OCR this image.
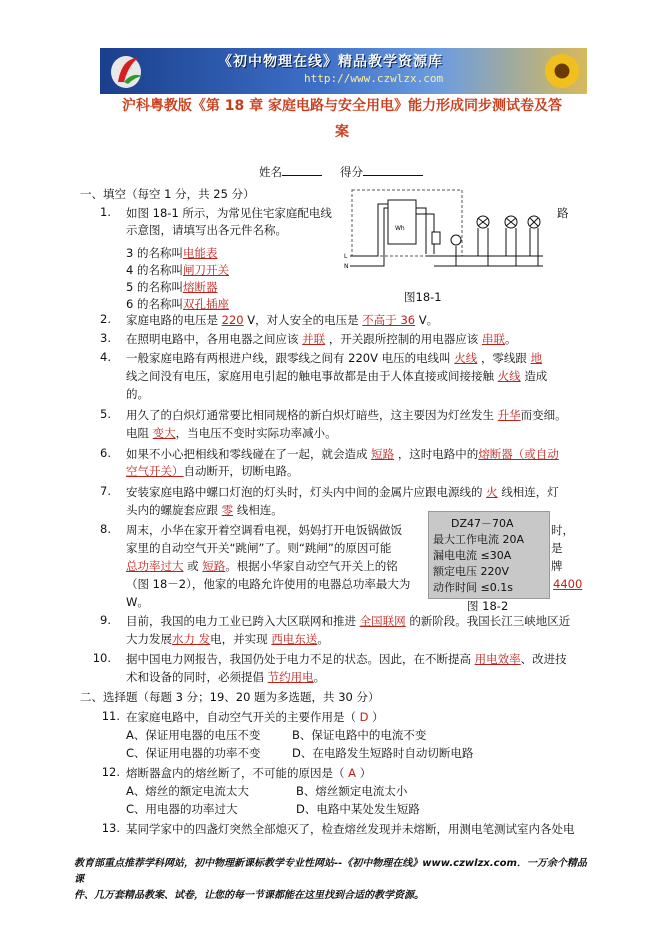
《初中物理在线》精品教学资源库
http://www.czwlzx.com
沪科粤教版《第 18 章 家庭电路与安全用电》能力形成同步测试卷及答
案
姓名	得分
一、填空（每空 1 分，共 25 分）
Wh
L
N
图18-1
1. 如图 18-1 所示，为常见住宅家庭配电线	路
示意图，请填写出各元件名称。
3 的名称叫电能表
4 的名称叫闸刀开关
5 的名称叫熔断器
6 的名称叫双孔插座
2. 家庭电路的电压是 220 V，对人安全的电压是 不高于 36 V。
3. 在照明电路中，各用电器之间应该 并联 ，开关跟所控制的用电器应该 串联。
4. 一般家庭电路有两根进户线，跟零线之间有 220V 电压的电线叫 火线 ，零线跟 地
线之间没有电压，家庭用电引起的触电事故都是由于人体直接或间接接触 火线 造成
的。
5. 用久了的白炽灯通常要比相同规格的新白炽灯暗些，这主要因为灯丝发生 升华而变细。
电阻 变大，当电压不变时实际功率减小。
6. 如果不小心把相线和零线碰在了一起，就会造成 短路 ，这时电路中的熔断器（或自动
空气开关）自动断开，切断电路。
7. 安装家庭电路中螺口灯泡的灯头时，灯头内中间的金属片应跟电源线的 火 线相连，灯
头内的螺旋套应跟 零 线相连。
8. 周末，小华在家开着空调看电视，妈妈打开电饭锅做饭	时，
家里的自动空气开关“跳闸”了。则“跳闸”的原因可能	是
总功率过大 或 短路。根据小华家自动空气开关上的铭	牌
（图 18－2），他家的电路允许使用的电器总功率最大为	4400
W。
DZ47－70A
最大工作电流 20A
漏电电流 ≤30A
额定电压 220V
动作时间 ≤0.1s
图 18-2
9. 目前，我国的电力工业已跨入大区联网和推进 全国联网 的新阶段。我国长江三峡地区近
大力发展水力 发电，并实现 西电东送。
10. 据中国电力网报告，我国仍处于电力不足的状态。因此，在不断提高 用电效率、改进技
术和设备的同时，必须提倡 节约用电。
二、选择题（每题 3 分；19、20 题为多选题，共 30 分）
11. 在家庭电路中，自动空气开关的主要作用是（ D ）
A、保证用电器的电压不变	B、保证电路中的电流不变
C、保证用电器的功率不变	D、在电路发生短路时自动切断电路
12. 熔断器盒内的熔丝断了，不可能的原因是（ A ）
A、熔丝的额定电流太大	B、熔丝额定电流太小
C、用电器的功率过大	D、电路中某处发生短路
13. 某同学家中的四盏灯突然全部熄灭了，检查熔丝发现并未熔断，用测电笔测试室内各处电
教育部重点推荐学科网站，初中物理新课标教学专业性网站--《初中物理在线》www.czwlzx.com．一万余个精品课
件、几万套精品教案、试卷，让您的每一节课都能在这里找到合适的教学资源。
